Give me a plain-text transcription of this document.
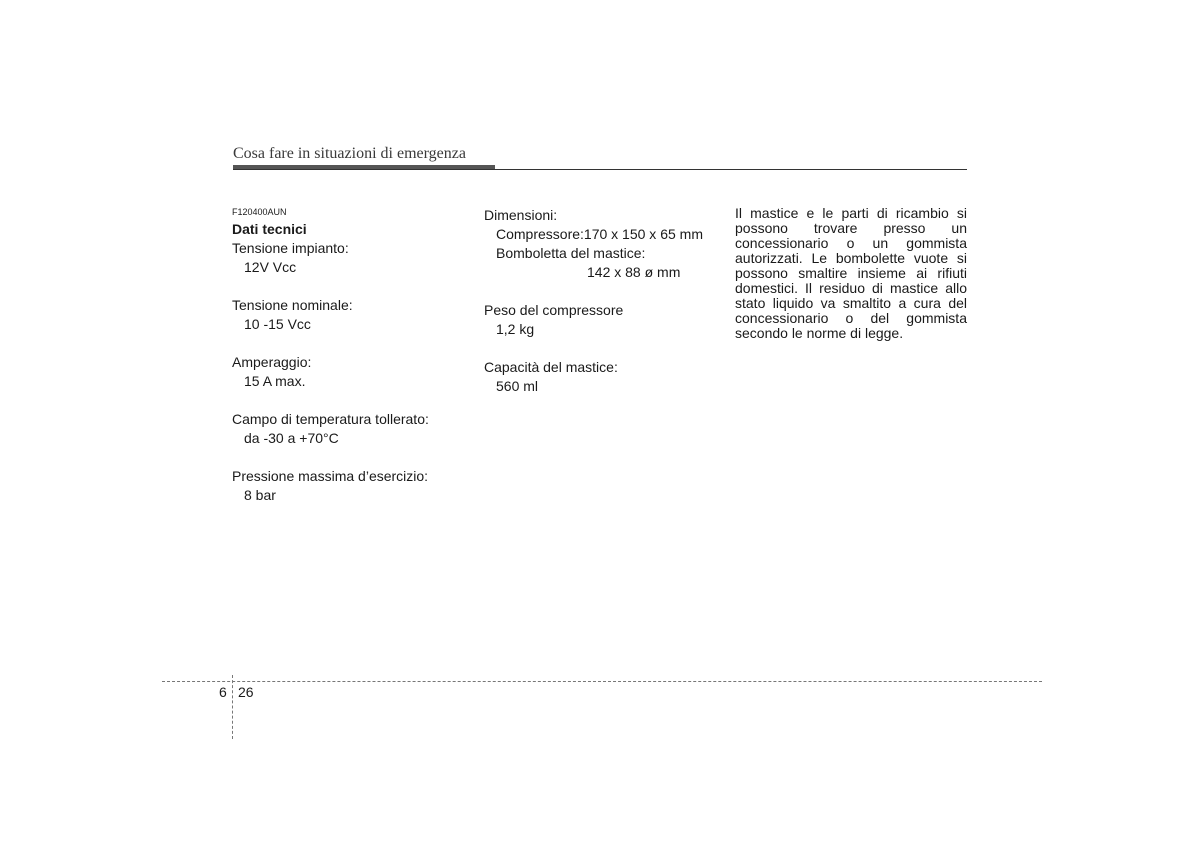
Cosa fare in situazioni di emergenza
F120400AUN
Dati tecnici
Tensione impianto:
12V Vcc
Tensione nominale:
10 -15 Vcc
Amperaggio:
15 A max.
Campo di temperatura tollerato:
da -30 a +70°C
Pressione massima d’esercizio:
8 bar
Dimensioni:
Compressore:170 x 150 x 65 mm
Bomboletta del mastice:
142 x 88 ø mm
Peso del compressore
1,2 kg
Capacità del mastice:
560 ml
Il mastice e le parti di ricambio si possono trovare presso un concessionario o un gommista autorizzati. Le bombolette vuote si possono smaltire insieme ai rifiuti domestici. Il residuo di mastice allo stato liquido va smaltito a cura del concessionario o del gommista secondo le norme di legge.
6 26
